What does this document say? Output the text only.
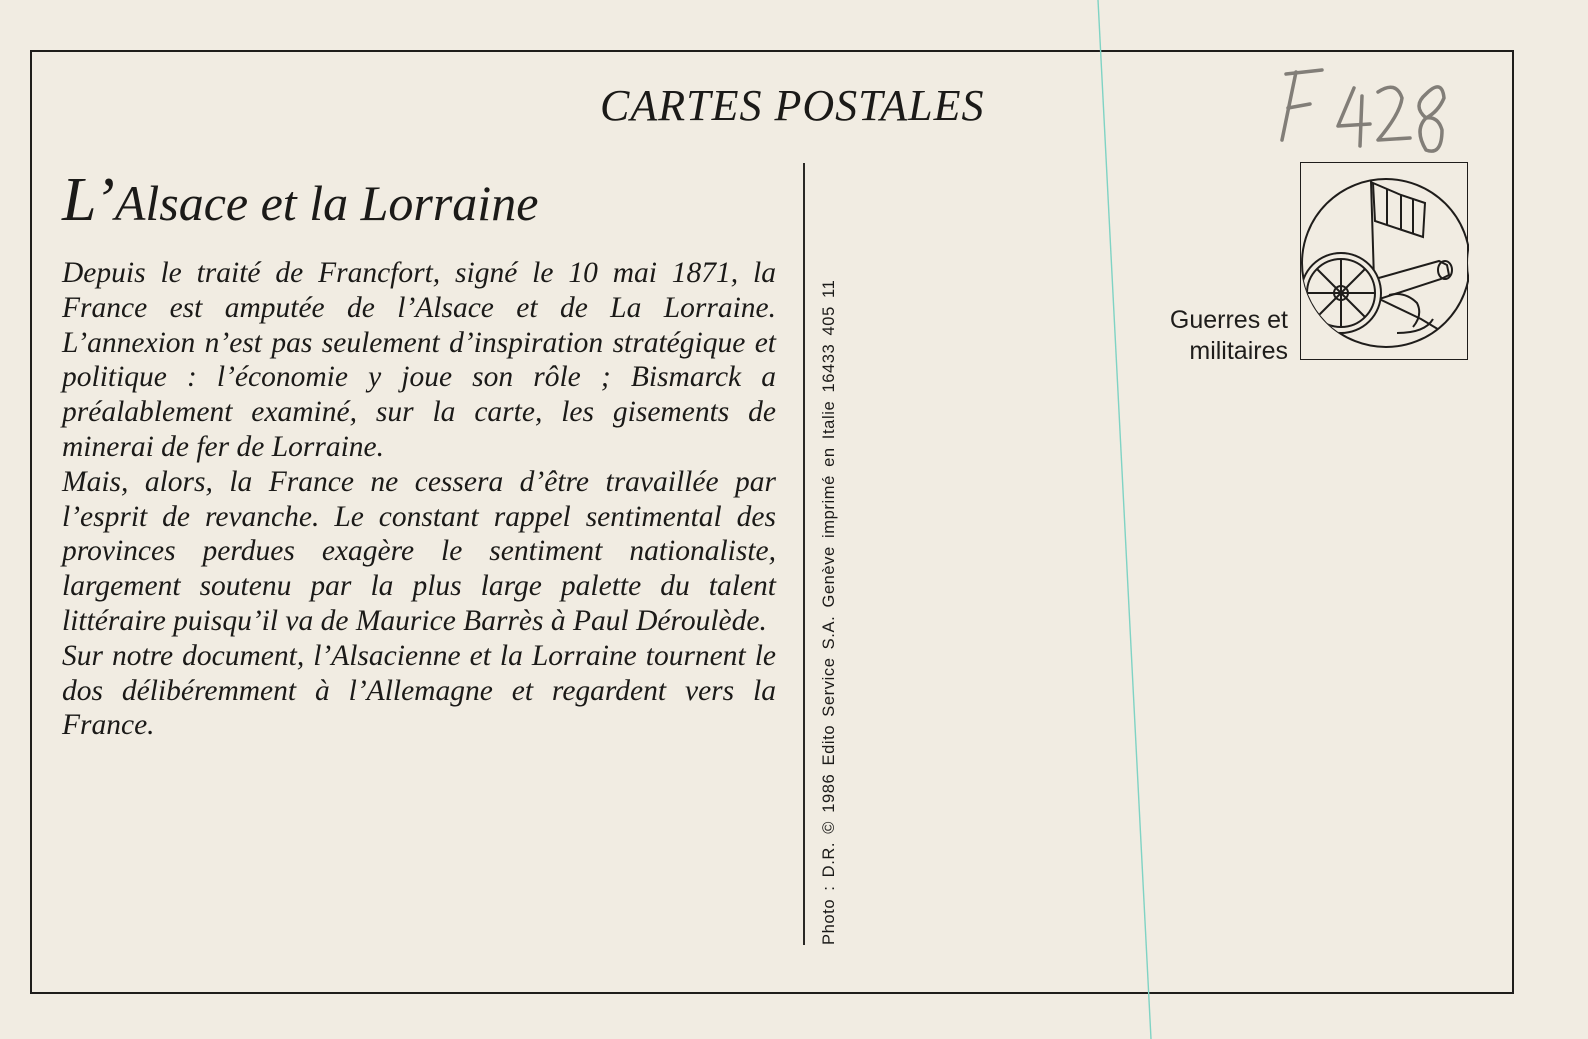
CARTES POSTALES
L’Alsace et la Lorraine

Depuis le traité de Francfort, signé le 10 mai 1871, la France est amputée de l’Alsace et de La Lorraine. L’annexion n’est pas seulement d’inspiration stratégique et politique : l’économie y joue son rôle ; Bismarck a préalablement examiné, sur la carte, les gisements de minerai de fer de Lorraine.

Mais, alors, la France ne cessera d’être travaillée par l’esprit de revanche. Le constant rappel sentimental des provinces perdues exagère le sentiment nationaliste, largement soutenu par la plus large palette du talent littéraire puisqu’il va de Maurice Barrès à Paul Déroulède.

Sur notre document, l’Alsacienne et la Lorraine tournent le dos délibéremment à l’Allemagne et regardent vers la France.	Photo : D.R. © 1986 Edito Service S.A. Genève imprimé en Italie 16433 405 11	Guerres et
militaires
